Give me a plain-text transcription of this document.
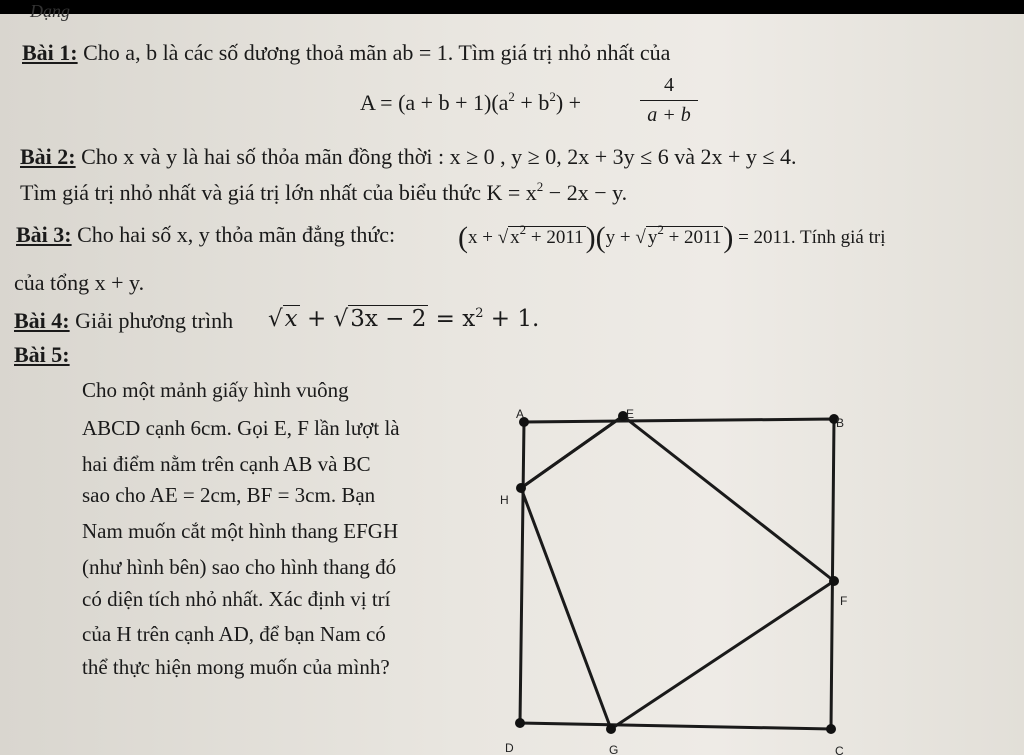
Dạng
Bài 1: Cho a, b là các số dương thoả mãn ab = 1. Tìm giá trị nhỏ nhất của
$A = (a + b + 1)(a^2 + b^2)$ +	$\frac{4}{a + b}$
Bài 2: Cho x và y là hai số thỏa mãn đồng thời : x ≥ 0 , y ≥ 0, 2x + 3y ≤ 6 và 2x + y ≤ 4.
Tìm giá trị nhỏ nhất và giá trị lớn nhất của biểu thức $K = x^2 - 2x - y$.
Bài 3: Cho hai số x, y thỏa mãn đẳng thức: (x + √ $x^2 + 2011)(y$ + √ $y^2 + 2011) = 2011$. Tính giá trị
của tổng x + y.
Bài 4: Giải phương trình $√x + √3x - 2 = x^2 + 1$.
Bài 5:
Cho một mảnh giấy hình vuông
ABCD cạnh 6cm. Gọi E, F lần lượt là
hai điểm nằm trên cạnh AB và BC
sao cho AE = 2cm, BF = 3cm. Bạn
Nam muốn cắt một hình thang EFGH
(như hình bên) sao cho hình thang đó
có diện tích nhỏ nhất. Xác định vị trí
của H trên cạnh AD, để bạn Nam có
thể thực hiện mong muốn của mình?
A	E
B
H
F
D	G	C
